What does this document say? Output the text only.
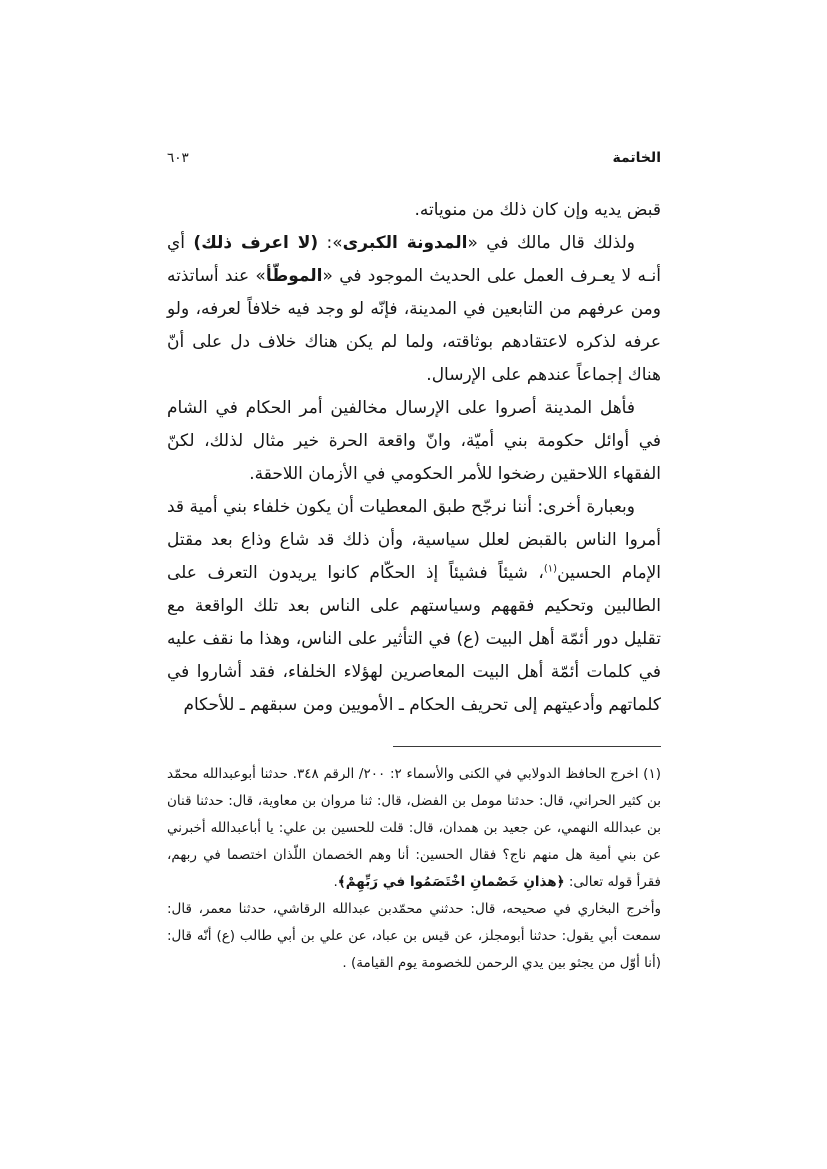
الخاتمة
٦٠٣

قبض يديه وإن كان ذلك من منوياته.

ولذلك قال مالك في «المدونة الكبرى»: (لا اعرف ذلك) أي أنـه لا يعـرف العمل على الحديث الموجود في «الموطّأ» عند أساتذته ومن عرفهم من التابعين في المدينة، فإنّه لو وجد فيه خلافاً لعرفه، ولو عرفه لذكره لاعتقادهم بوثاقته، ولما لم يكن هناك خلاف دل على أنّ هناك إجماعاً عندهم على الإرسال.

فأهل المدينة أصروا على الإرسال مخالفين أمر الحكام في الشام في أوائل حكومة بني أميّة، وانّ واقعة الحرة خير مثال لذلك، لكنّ الفقهاء اللاحقين رضخوا للأمر الحكومي في الأزمان اللاحقة.

وبعبارة أخرى: أننا نرجّح طبق المعطيات أن يكون خلفاء بني أمية قد أمروا الناس بالقبض لعلل سياسية، وأن ذلك قد شاع وذاع بعد مقتل الإمام الحسين$^{(١)}$، شيئاً فشيئاً إذ الحكّام كانوا يريدون التعرف على الطالبين وتحكيم فقههم وسياستهم على الناس بعد تلك الواقعة مع تقليل دور أئمّة أهل البيت (ع) في التأثير على الناس، وهذا ما نقف عليه في كلمات أئمّة أهل البيت المعاصرين لهؤلاء الخلفاء، فقد أشاروا في كلماتهم وأدعيتهم إلى تحريف الحكام ـ الأمويين ومن سبقهم ـ للأحكام

(١) اخرج الحافظ الدولابي في الكنى والأسماء ٢: ٢٠٠/ الرقم ٣٤٨. حدثنا أبوعبدالله محمّد بن كثير الحراني، قال: حدثنا مومل بن الفضل، قال: ثنا مروان بن معاوية، قال: حدثنا قنان بن عبدالله النهمي، عن جعيد بن همدان، قال: قلت للحسين بن علي: يا أباعبدالله أخبرني عن بني أمية هل منهم ناج؟ فقال الحسين: أنا وهم الخصمان اللّذان اختصما في ربهم، فقرأ قوله تعالى: ﴿هذانِ خَصْمانِ اخْتَصَمُوا في رَبِّهِمْ﴾.

وأخرج البخاري في صحيحه، قال: حدثني محمّدبن عبدالله الرقاشي، حدثنا معمر، قال: سمعت أبي يقول: حدثنا أبومجلز، عن قيس بن عباد، عن علي بن أبي طالب (ع) أنّه قال: (أنا أوّل من يجثو بين يدي الرحمن للخصومة يوم القيامة) .
